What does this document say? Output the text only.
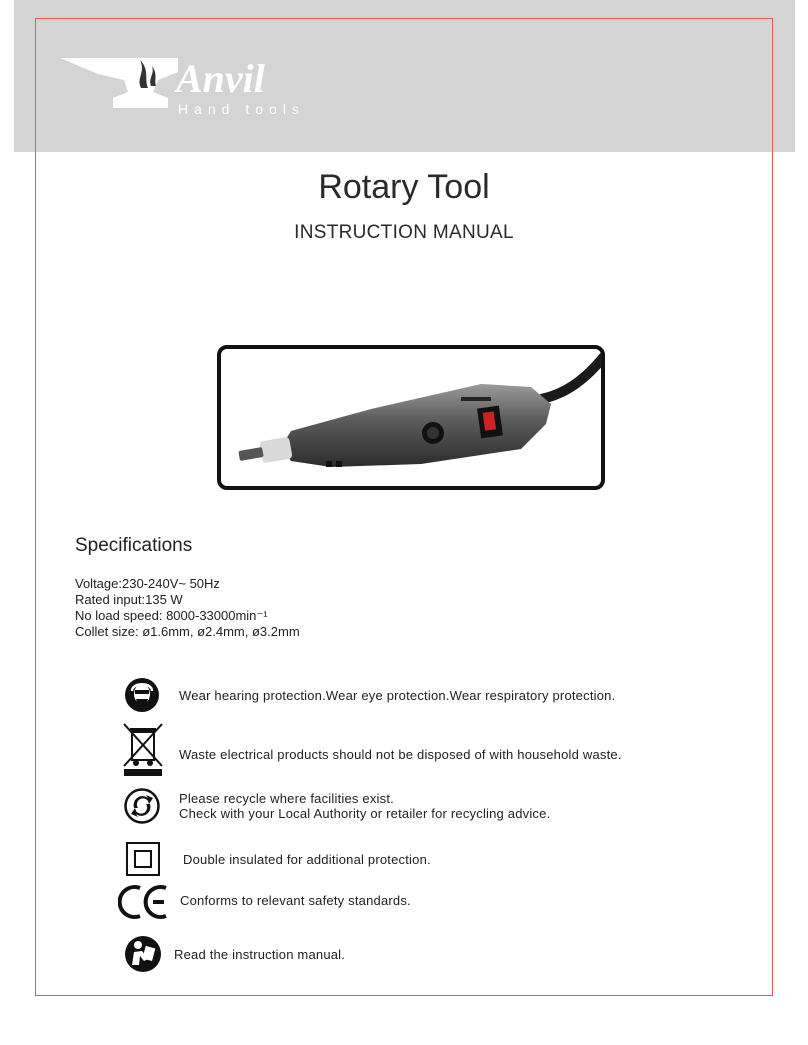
Anvil
Hand tools
Rotary Tool
INSTRUCTION MANUAL
Specifications
Voltage:230-240V~ 50Hz
Rated input:135 W
No load speed: 8000-33000min⁻¹
Collet size: ø1.6mm, ø2.4mm, ø3.2mm
Wear hearing protection.Wear eye protection.Wear respiratory protection.
Waste electrical products should not be disposed of with household waste.
Please recycle where facilities exist.
Check with your Local Authority or retailer for recycling advice.
Double insulated for additional protection.
Conforms to relevant safety standards.
Read the instruction manual.
